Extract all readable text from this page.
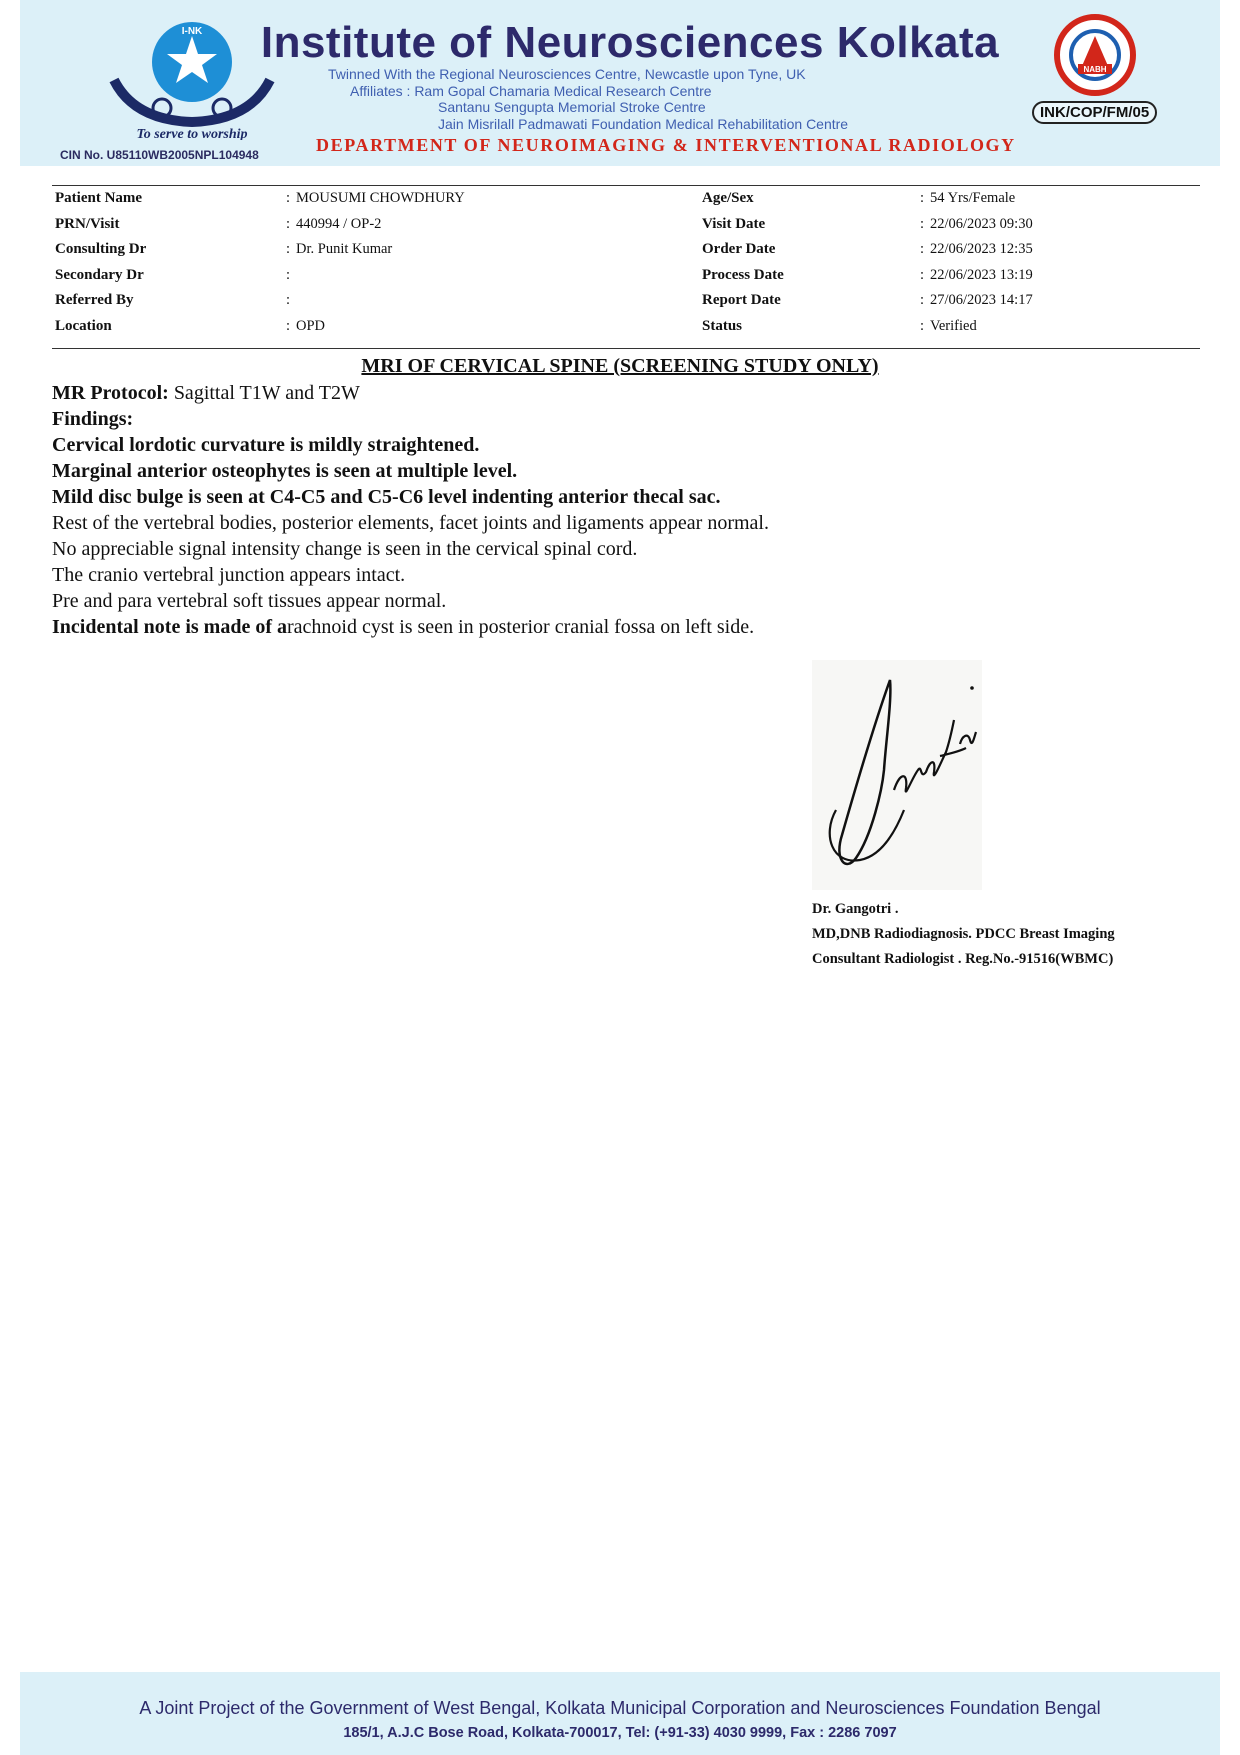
I-NK
To serve to worship
CIN No. U85110WB2005NPL104948
Institute of Neurosciences Kolkata
Twinned With the Regional Neurosciences Centre, Newcastle upon Tyne, UK
Affiliates : Ram Gopal Chamaria Medical Research Centre
Santanu Sengupta Memorial Stroke Centre
Jain Misrilall Padmawati Foundation Medical Rehabilitation Centre
DEPARTMENT OF NEUROIMAGING & INTERVENTIONAL RADIOLOGY
NABH
INK/COP/FM/05
Patient Name	: MOUSUMI CHOWDHURY	Age/Sex	: 54 Yrs/Female
PRN/Visit	: 440994 / OP-2	Visit Date	: 22/06/2023 09:30
Consulting Dr	: Dr. Punit Kumar	Order Date	: 22/06/2023 12:35
Secondary Dr	:	Process Date	: 22/06/2023 13:19
Referred By	:	Report Date	: 27/06/2023 14:17
Location	: OPD	Status	: Verified
MRI OF CERVICAL SPINE (SCREENING STUDY ONLY)

MR Protocol: Sagittal T1W and T2W

Findings:

Cervical lordotic curvature is mildly straightened.

Marginal anterior osteophytes is seen at multiple level.

Mild disc bulge is seen at C4-C5 and C5-C6 level indenting anterior thecal sac.

Rest of the vertebral bodies, posterior elements, facet joints and ligaments appear normal.

No appreciable signal intensity change is seen in the cervical spinal cord.

The cranio vertebral junction appears intact.

Pre and para vertebral soft tissues appear normal.

Incidental note is made of arachnoid cyst is seen in posterior cranial fossa on left side.

Dr. Gangotri .
MD,DNB Radiodiagnosis. PDCC Breast Imaging
Consultant Radiologist . Reg.No.-91516(WBMC)
A Joint Project of the Government of West Bengal, Kolkata Municipal Corporation and Neurosciences Foundation Bengal
185/1, A.J.C Bose Road, Kolkata-700017, Tel: (+91-33) 4030 9999, Fax : 2286 7097
